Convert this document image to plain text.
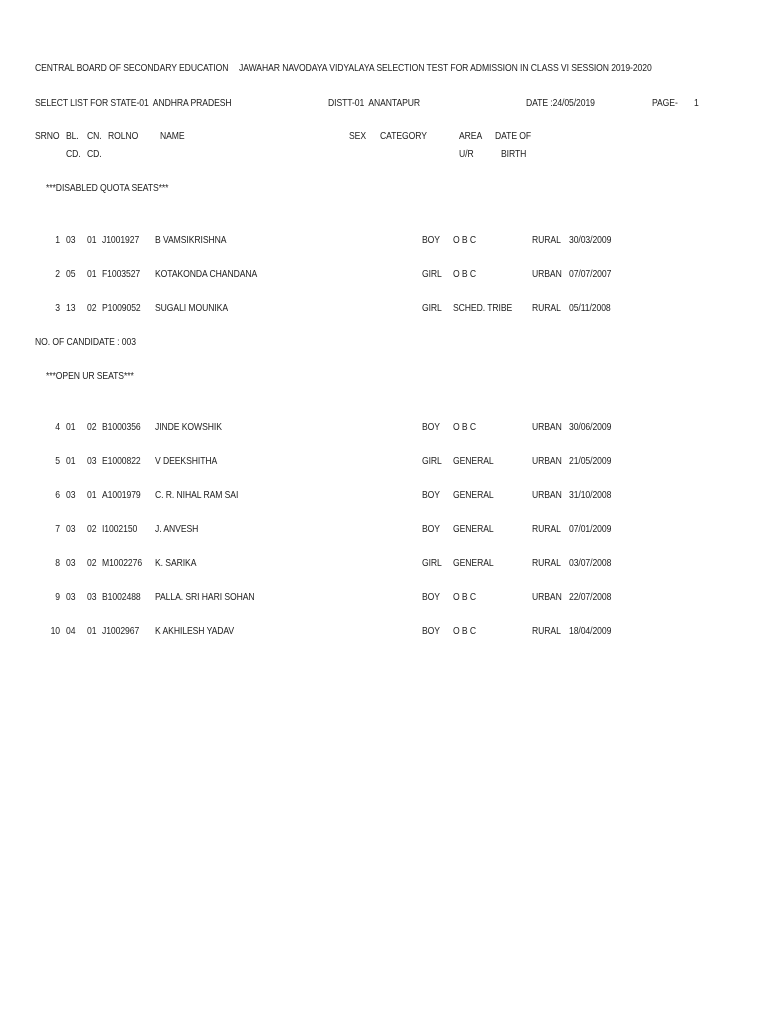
CENTRAL BOARD OF SECONDARY EDUCATION JAWAHAR NAVODAYA VIDYALAYA SELECTION TEST FOR ADMISSION IN CLASS VI SESSION 2019-2020
SELECT LIST FOR STATE-01  ANDHRA PRADESH	DISTT-01  ANANTAPUR	DATE :24/05/2019	PAGE- 1
SRNO BL. CN. ROLNO NAME	SEX CATEGORY	AREA DATE OF
CD. CD.	U/R	BIRTH
***DISABLED QUOTA SEATS***
1 03 01 J1001927 B VAMSIKRISHNA	BOY O B C	RURAL 30/03/2009
2 05 01 F1003527 KOTAKONDA CHANDANA	GIRL O B C	URBAN 07/07/2007
3 13 02 P1009052 SUGALI MOUNIKA	GIRL SCHED. TRIBE RURAL 05/11/2008
NO. OF CANDIDATE : 003
***OPEN UR SEATS***
4 01 02 B1000356 JINDE KOWSHIK	BOY O B C	URBAN 30/06/2009
5 01 03 E1000822 V DEEKSHITHA	GIRL GENERAL	URBAN 21/05/2009
6 03 01 A1001979 C. R. NIHAL RAM SAI	BOY GENERAL	URBAN 31/10/2008
7 03 02 I1002150 J. ANVESH	BOY GENERAL	RURAL 07/01/2009
8 03 02 M1002276 K. SARIKA	GIRL GENERAL	RURAL 03/07/2008
9 03 03 B1002488 PALLA. SRI HARI SOHAN	BOY O B C	URBAN 22/07/2008
10 04 01 J1002967 K AKHILESH YADAV	BOY O B C	RURAL 18/04/2009
